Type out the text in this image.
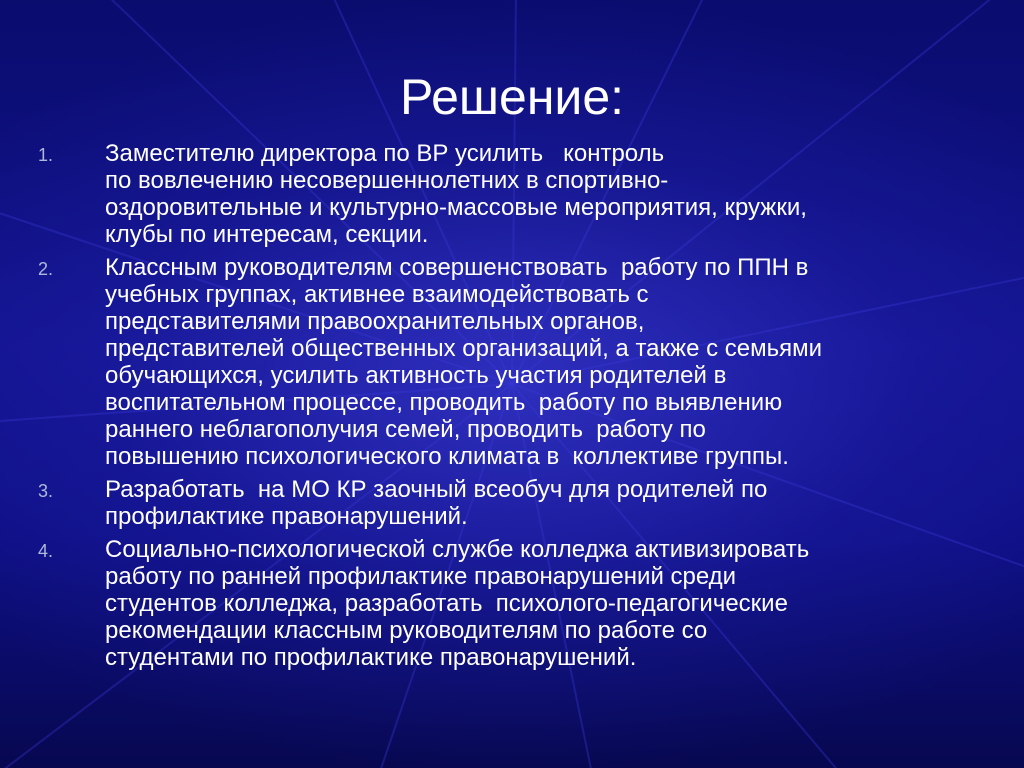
Решение:
1. Заместителю директора по ВР усилить   контроль
по вовлечению несовершеннолетних в спортивно-
оздоровительные и культурно-массовые мероприятия, кружки,
клубы по интересам, секции.
2. Классным руководителям совершенствовать  работу по ППН в
учебных группах, активнее взаимодействовать с
представителями правоохранительных органов,
представителей общественных организаций, а также с семьями
обучающихся, усилить активность участия родителей в
воспитательном процессе, проводить  работу по выявлению
раннего неблагополучия семей, проводить  работу по
повышению психологического климата в  коллективе группы.
3. Разработать  на МО КР заочный всеобуч для родителей по
профилактике правонарушений.
4. Социально-психологической службе колледжа активизировать
работу по ранней профилактике правонарушений среди
студентов колледжа, разработать  психолого-педагогические
рекомендации классным руководителям по работе со
студентами по профилактике правонарушений.
